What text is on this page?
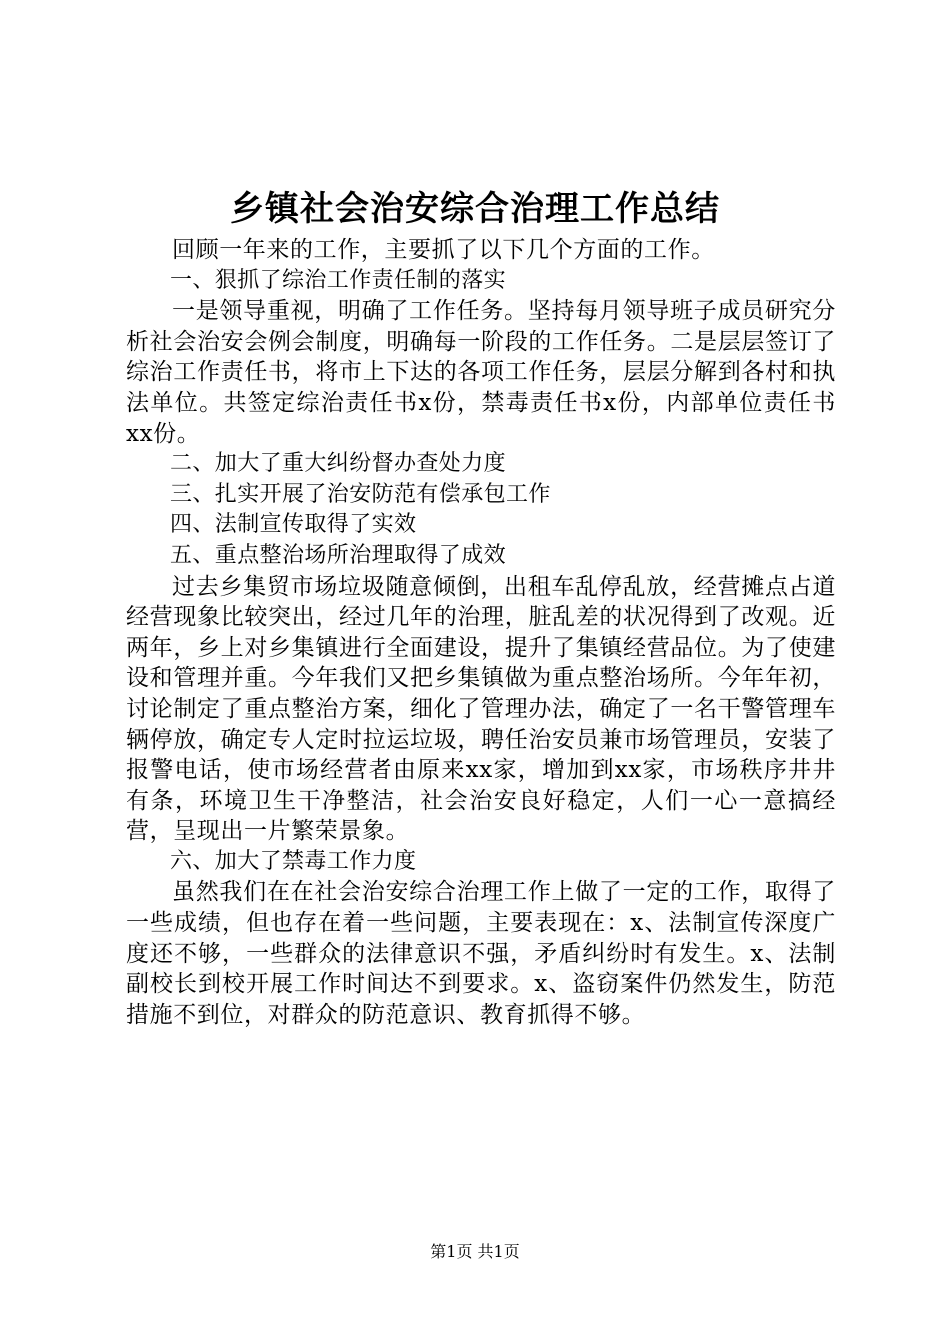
乡镇社会治安综合治理工作总结

回顾一年来的工作，主要抓了以下几个方面的工作。

一、狠抓了综治工作责任制的落实

一是领导重视，明确了工作任务。坚持每月领导班子成员研究分析社会治安会例会制度，明确每一阶段的工作任务。二是层层签订了综治工作责任书，将市上下达的各项工作任务，层层分解到各村和执法单位。共签定综治责任书x份，禁毒责任书x份，内部单位责任书xx份。

二、加大了重大纠纷督办查处力度

三、扎实开展了治安防范有偿承包工作

四、法制宣传取得了实效

五、重点整治场所治理取得了成效

过去乡集贸市场垃圾随意倾倒，出租车乱停乱放，经营摊点占道经营现象比较突出，经过几年的治理，脏乱差的状况得到了改观。近两年，乡上对乡集镇进行全面建设，提升了集镇经营品位。为了使建设和管理并重。今年我们又把乡集镇做为重点整治场所。今年年初，讨论制定了重点整治方案，细化了管理办法，确定了一名干警管理车辆停放，确定专人定时拉运垃圾，聘任治安员兼市场管理员，安装了报警电话，使市场经营者由原来xx家，增加到xx家，市场秩序井井有条，环境卫生干净整洁，社会治安良好稳定，人们一心一意搞经营，呈现出一片繁荣景象。

六、加大了禁毒工作力度

虽然我们在在社会治安综合治理工作上做了一定的工作，取得了一些成绩，但也存在着一些问题，主要表现在：x、法制宣传深度广度还不够，一些群众的法律意识不强，矛盾纠纷时有发生。x、法制副校长到校开展工作时间达不到要求。x、盗窃案件仍然发生，防范措施不到位，对群众的防范意识、教育抓得不够。

第1页 共1页
